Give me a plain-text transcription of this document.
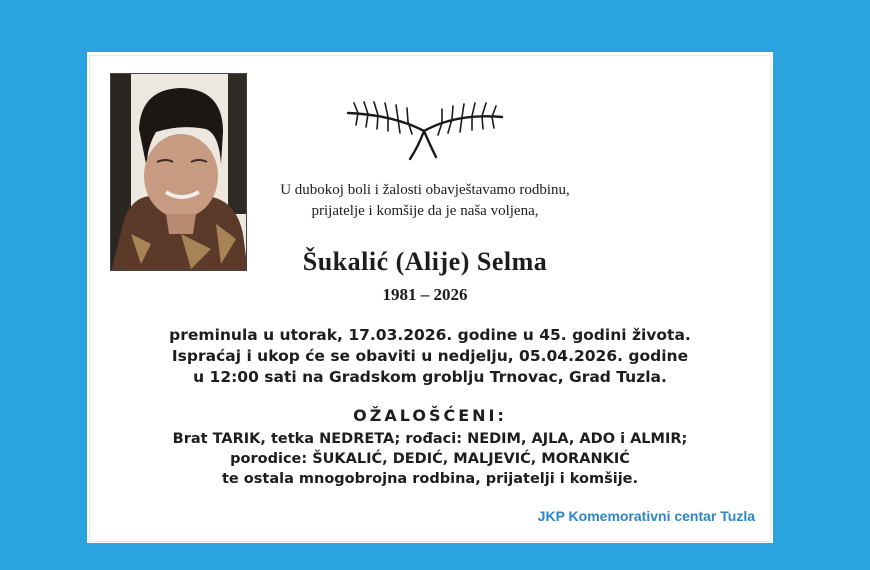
U dubokoj boli i žalosti obavještavamo rodbinu,
prijatelje i komšije da je naša voljena,
Šukalić (Alije) Selma
1981 – 2026
preminula u utorak, 17.03.2026. godine u 45. godini života.
Ispraćaj i ukop će se obaviti u nedjelju, 05.04.2026. godine
u 12:00 sati na Gradskom groblju Trnovac, Grad Tuzla.
OŽALOŠĆENI:
Brat TARIK, tetka NEDRETA; rođaci: NEDIM, AJLA, ADO i ALMIR;
porodice: ŠUKALIĆ, DEDIĆ, MALJEVIĆ, MORANKIĆ
te ostala mnogobrojna rodbina, prijatelji i komšije.
JKP Komemorativni centar Tuzla
